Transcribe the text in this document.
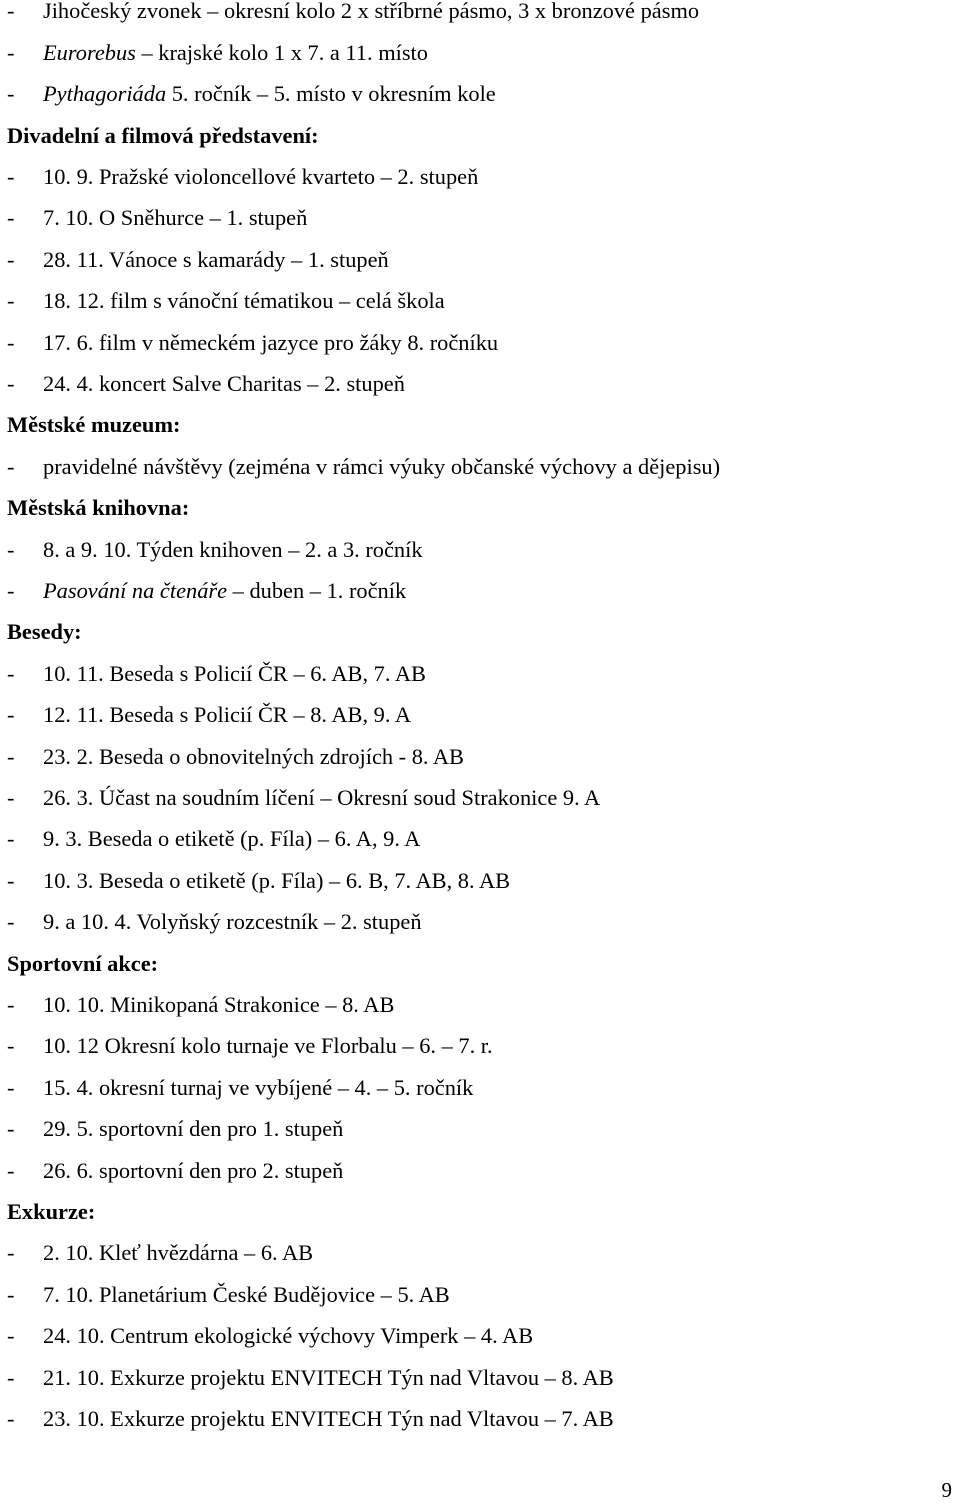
- Jihočeský zvonek – okresní kolo 2 x stříbrné pásmo, 3 x bronzové pásmo
- Eurorebus – krajské kolo 1 x 7. a 11. místo
- Pythagoriáda 5. ročník – 5. místo v okresním kole
Divadelní a filmová představení:
- 10. 9. Pražské violoncellové kvarteto – 2. stupeň
- 7. 10. O Sněhurce – 1. stupeň
- 28. 11. Vánoce s kamarády – 1. stupeň
- 18. 12. film s vánoční tématikou – celá škola
- 17. 6. film v německém jazyce pro žáky 8. ročníku
- 24. 4. koncert Salve Charitas – 2. stupeň
Městské muzeum:
- pravidelné návštěvy (zejména v rámci výuky občanské výchovy a dějepisu)
Městská knihovna:
- 8. a 9. 10. Týden knihoven – 2. a 3. ročník
- Pasování na čtenáře – duben – 1. ročník
Besedy:
- 10. 11. Beseda s Policií ČR – 6. AB, 7. AB
- 12. 11. Beseda s Policií ČR – 8. AB, 9. A
- 23. 2. Beseda o obnovitelných zdrojích - 8. AB
- 26. 3. Účast na soudním líčení – Okresní soud Strakonice 9. A
- 9. 3. Beseda o etiketě (p. Fíla) – 6. A, 9. A
- 10. 3. Beseda o etiketě (p. Fíla) – 6. B, 7. AB, 8. AB
- 9. a 10. 4. Volyňský rozcestník – 2. stupeň
Sportovní akce:
- 10. 10. Minikopaná Strakonice – 8. AB
- 10. 12 Okresní kolo turnaje ve Florbalu – 6. – 7. r.
- 15. 4. okresní turnaj ve vybíjené – 4. – 5. ročník
- 29. 5. sportovní den pro 1. stupeň
- 26. 6. sportovní den pro 2. stupeň
Exkurze:
- 2. 10. Kleť hvězdárna – 6. AB
- 7. 10. Planetárium České Budějovice – 5. AB
- 24. 10. Centrum ekologické výchovy Vimperk – 4. AB
- 21. 10. Exkurze projektu ENVITECH Týn nad Vltavou – 8. AB
- 23. 10. Exkurze projektu ENVITECH Týn nad Vltavou – 7. AB
9
